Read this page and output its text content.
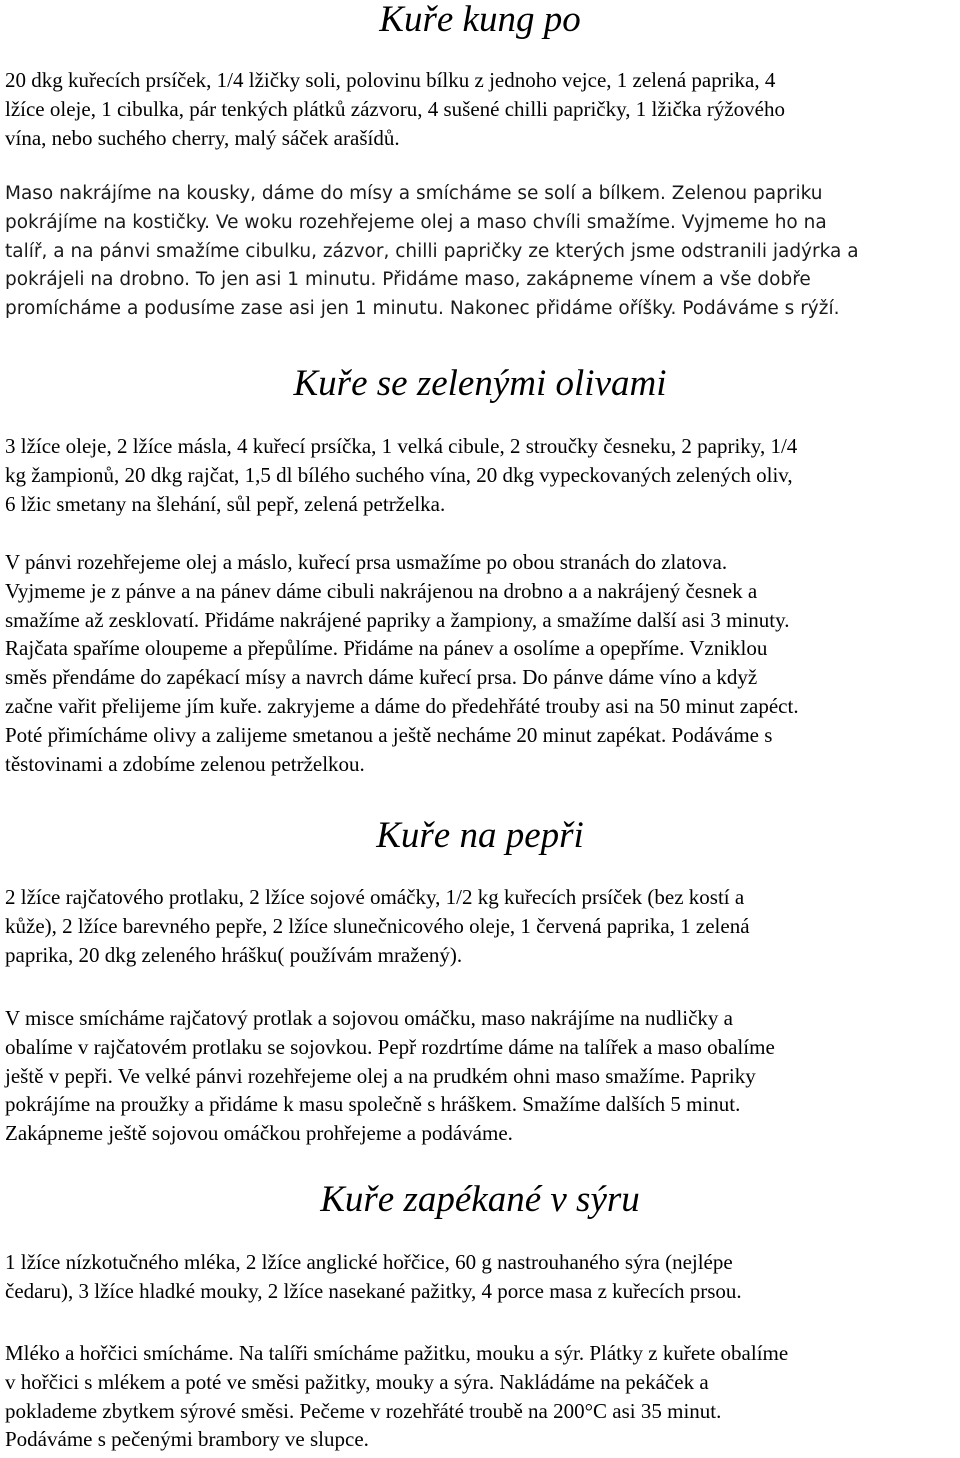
Kuře kung po

20 dkg kuřecích prsíček, 1/4 lžičky soli, polovinu bílku z jednoho vejce, 1 zelená paprika, 4
lžíce oleje, 1 cibulka, pár tenkých plátků zázvoru, 4 sušené chilli papričky, 1 lžička rýžového
vína, nebo suchého cherry, malý sáček arašídů.

Maso nakrájíme na kousky, dáme do mísy a smícháme se solí a bílkem. Zelenou papriku
pokrájíme na kostičky. Ve woku rozehřejeme olej a maso chvíli smažíme. Vyjmeme ho na
talíř, a na pánvi smažíme cibulku, zázvor, chilli papričky ze kterých jsme odstranili jadýrka a
pokrájeli na drobno. To jen asi 1 minutu. Přidáme maso, zakápneme vínem a vše dobře
promícháme a podusíme zase asi jen 1 minutu. Nakonec přidáme oříšky. Podáváme s rýží.

Kuře se zelenými olivami

3 lžíce oleje, 2 lžíce másla, 4 kuřecí prsíčka, 1 velká cibule, 2 stroučky česneku, 2 papriky, 1/4
kg žampionů, 20 dkg rajčat, 1,5 dl bílého suchého vína, 20 dkg vypeckovaných zelených oliv,
6 lžic smetany na šlehání, sůl pepř, zelená petrželka.

V pánvi rozehřejeme olej a máslo, kuřecí prsa usmažíme po obou stranách do zlatova.
Vyjmeme je z pánve a na pánev dáme cibuli nakrájenou na drobno a a nakrájený česnek a
smažíme až zesklovatí. Přidáme nakrájené papriky a žampiony, a smažíme další asi 3 minuty.
Rajčata spaříme oloupeme a přepůlíme. Přidáme na pánev a osolíme a opepříme. Vzniklou
směs přendáme do zapékací mísy a navrch dáme kuřecí prsa. Do pánve dáme víno a když
začne vařit přelijeme jím kuře. zakryjeme a dáme do předehřáté trouby asi na 50 minut zapéct.
Poté přimícháme olivy a zalijeme smetanou a ještě necháme 20 minut zapékat. Podáváme s
těstovinami a zdobíme zelenou petrželkou.

Kuře na pepři

2 lžíce rajčatového protlaku, 2 lžíce sojové omáčky, 1/2 kg kuřecích prsíček (bez kostí a
kůže), 2 lžíce barevného pepře, 2 lžíce slunečnicového oleje, 1 červená paprika, 1 zelená
paprika, 20 dkg zeleného hrášku( používám mražený).

V misce smícháme rajčatový protlak a sojovou omáčku, maso nakrájíme na nudličky a
obalíme v rajčatovém protlaku se sojovkou. Pepř rozdrtíme dáme na talířek a maso obalíme
ještě v pepři. Ve velké pánvi rozehřejeme olej a na prudkém ohni maso smažíme. Papriky
pokrájíme na proužky a přidáme k masu společně s hráškem. Smažíme dalších 5 minut.
Zakápneme ještě sojovou omáčkou prohřejeme a podáváme.

Kuře zapékané v sýru

1 lžíce nízkotučného mléka, 2 lžíce anglické hořčice, 60 g nastrouhaného sýra (nejlépe
čedaru), 3 lžíce hladké mouky, 2 lžíce nasekané pažitky, 4 porce masa z kuřecích prsou.

Mléko a hořčici smícháme. Na talíři smícháme pažitku, mouku a sýr. Plátky z kuřete obalíme
v hořčici s mlékem a poté ve směsi pažitky, mouky a sýra. Nakládáme na pekáček a
poklademe zbytkem sýrové směsi. Pečeme v rozehřáté troubě na 200°C asi 35 minut.
Podáváme s pečenými brambory ve slupce.
